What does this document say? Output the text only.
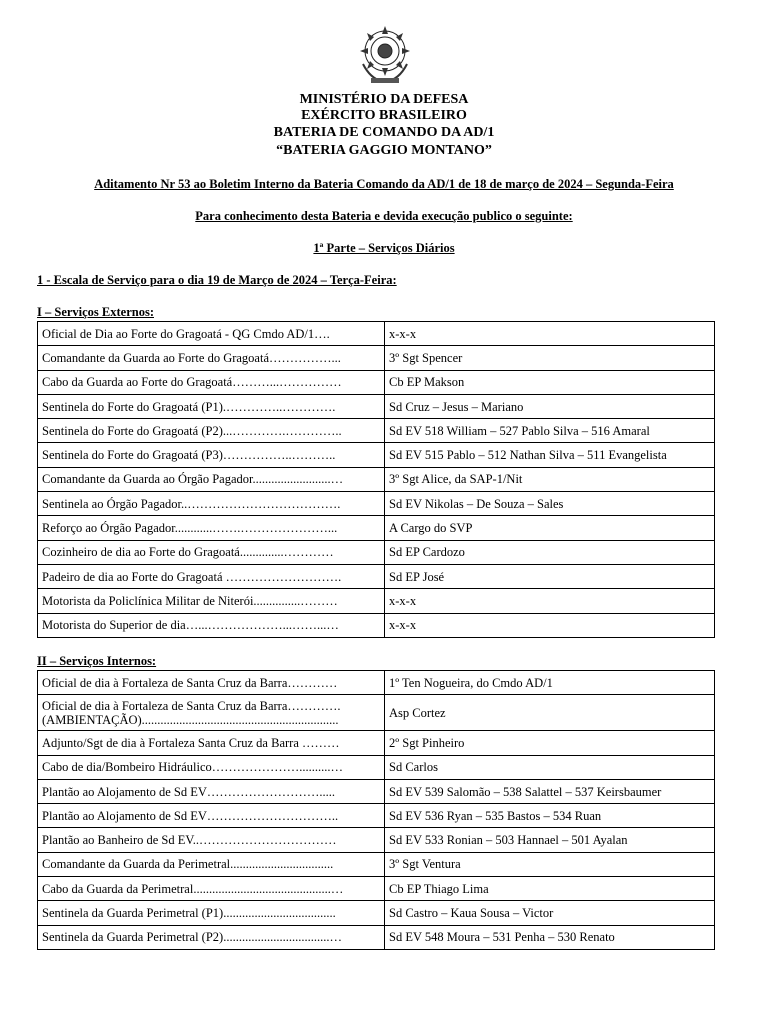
MINISTÉRIO DA DEFESA
EXÉRCITO BRASILEIRO
BATERIA DE COMANDO DA AD/1
“BATERIA GAGGIO MONTANO”
Aditamento Nr 53 ao Boletim Interno da Bateria Comando da AD/1 de 18 de março de 2024 – Segunda-Feira
Para conhecimento desta Bateria e devida execução publico o seguinte:
1ª Parte – Serviços Diários
1 - Escala de Serviço para o dia 19 de Março de 2024 – Terça-Feira:
I – Serviços Externos:
Oficial de Dia ao Forte do Gragoatá - QG Cmdo AD/1….	x-x-x
Comandante da Guarda ao Forte do Gragoatá……………...	3º Sgt Spencer
Cabo da Guarda ao Forte do Gragoatá………...……………	Cb EP Makson
Sentinela do Forte do Gragoatá (P1).…………..………….	Sd Cruz – Jesus – Mariano
Sentinela do Forte do Gragoatá (P2)...………….…………..	Sd EV 518 William – 527 Pablo Silva – 516 Amaral
Sentinela do Forte do Gragoatá (P3)……………..………..	Sd EV 515 Pablo – 512 Nathan Silva – 511 Evangelista
Comandante da Guarda ao Órgão Pagador.........................…	3º Sgt Alice, da SAP-1/Nit
Sentinela ao Órgão Pagador..……………………………….	Sd EV Nikolas – De Souza – Sales
Reforço ao Órgão Pagador............…….…………………...	A Cargo do SVP
Cozinheiro de dia ao Forte do Gragoatá..............…………	Sd EP Cardozo
Padeiro de dia ao Forte do Gragoatá ……………………….	Sd EP José
Motorista da Policlínica Militar de Niterói...............………	x-x-x
Motorista do Superior de dia…...………………...……...…	x-x-x
II – Serviços Internos:
Oficial de dia à Fortaleza de Santa Cruz da Barra…………	1º Ten Nogueira, do Cmdo AD/1
Oficial de dia à Fortaleza de Santa Cruz da Barra…………. (AMBIENTAÇÃO)...............................................................	Asp Cortez
Adjunto/Sgt de dia à Fortaleza Santa Cruz da Barra ………	2º Sgt Pinheiro
Cabo de dia/Bombeiro Hidráulico…………………..........…	Sd Carlos
Plantão ao Alojamento de Sd EV……………………….....	Sd EV 539 Salomão – 538 Salattel – 537 Keirsbaumer
Plantão ao Alojamento de Sd EV…………………………..	Sd EV 536 Ryan – 535 Bastos – 534 Ruan
Plantão ao Banheiro de Sd EV..……………………………	Sd EV 533 Ronian – 503 Hannael – 501 Ayalan
Comandante da Guarda da Perimetral.................................	3º Sgt Ventura
Cabo da Guarda da Perimetral............................................…	Cb EP Thiago Lima
Sentinela da Guarda Perimetral (P1)....................................	Sd Castro – Kaua Sousa – Victor
Sentinela da Guarda Perimetral (P2)..................................…	Sd EV 548 Moura – 531 Penha – 530 Renato
